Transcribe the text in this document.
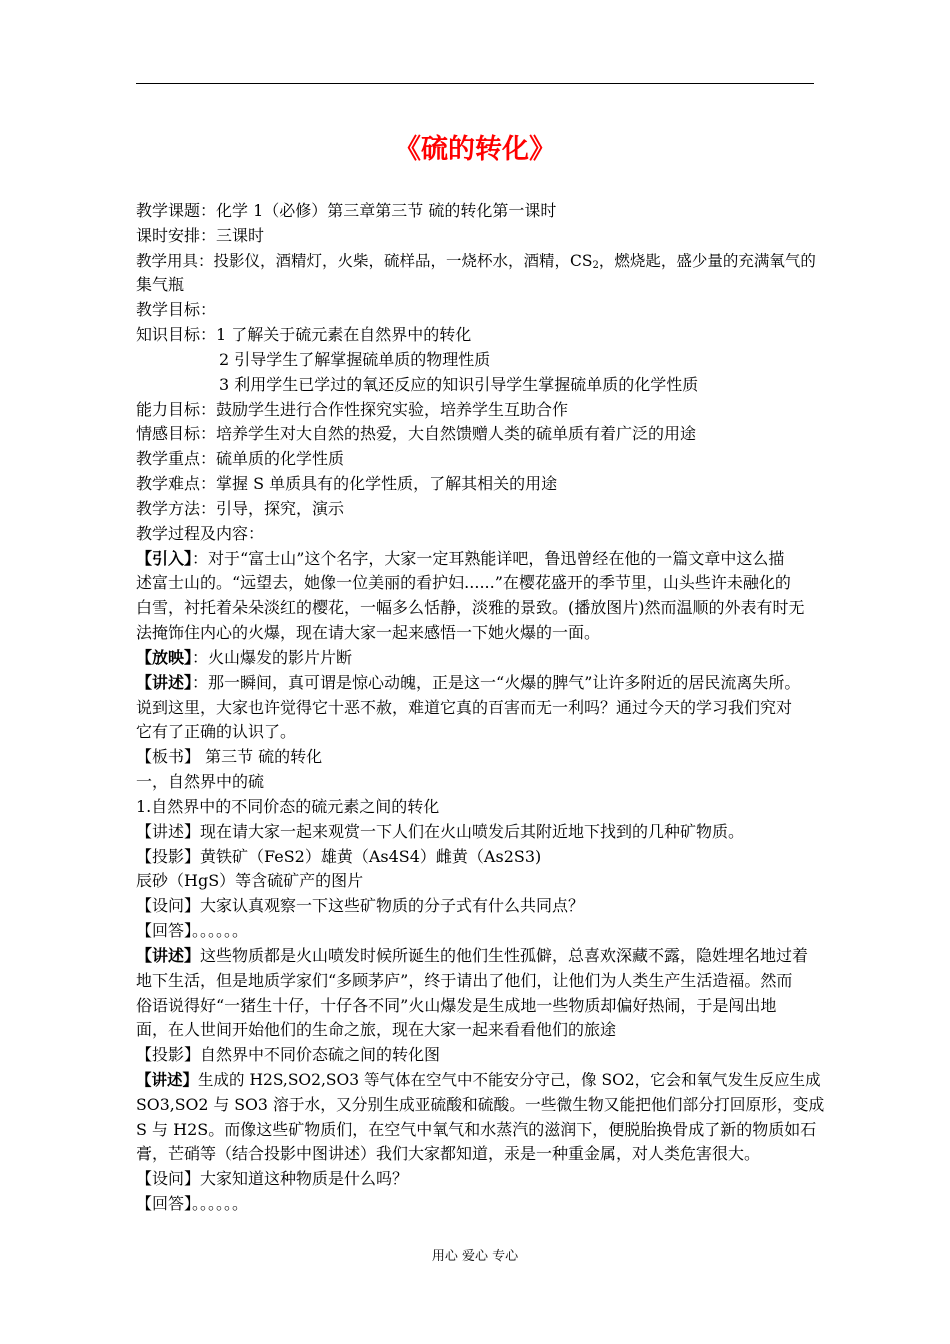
《硫的转化》
教学课题：化学 1（必修）第三章第三节 硫的转化第一课时
课时安排：三课时
教学用具：投影仪，酒精灯，火柴，硫样品，一烧杯水，酒精，$CS_2$，燃烧匙，盛少量的充满氧气的
集气瓶
教学目标：
知识目标：1 了解关于硫元素在自然界中的转化
2 引导学生了解掌握硫单质的物理性质
3 利用学生已学过的氧还反应的知识引导学生掌握硫单质的化学性质
能力目标：鼓励学生进行合作性探究实验，培养学生互助合作
情感目标：培养学生对大自然的热爱，大自然馈赠人类的硫单质有着广泛的用途
教学重点：硫单质的化学性质
教学难点：掌握 S 单质具有的化学性质，了解其相关的用途
教学方法：引导，探究，演示
教学过程及内容：
【引入】：对于“富士山”这个名字，大家一定耳熟能详吧，鲁迅曾经在他的一篇文章中这么描
述富士山的。“远望去，她像一位美丽的看护妇......”在樱花盛开的季节里，山头些许未融化的
白雪，衬托着朵朵淡红的樱花，一幅多么恬静，淡雅的景致。(播放图片)然而温顺的外表有时无
法掩饰住内心的火爆，现在请大家一起来感悟一下她火爆的一面。
【放映】：火山爆发的影片片断
【讲述】：那一瞬间，真可谓是惊心动魄，正是这一“火爆的脾气”让许多附近的居民流离失所。
说到这里，大家也许觉得它十恶不赦，难道它真的百害而无一利吗？通过今天的学习我们究对
它有了正确的认识了。
【板书】 第三节 硫的转化
一，自然界中的硫
1.自然界中的不同价态的硫元素之间的转化
【讲述】现在请大家一起来观赏一下人们在火山喷发后其附近地下找到的几种矿物质。
【投影】黄铁矿（FeS2）雄黄（As4S4）雌黄（As2S3)
辰砂（HgS）等含硫矿产的图片
【设问】大家认真观察一下这些矿物质的分子式有什么共同点？
【回答】。。。。。。
【讲述】这些物质都是火山喷发时候所诞生的他们生性孤僻，总喜欢深藏不露，隐姓埋名地过着
地下生活，但是地质学家们“多顾茅庐”，终于请出了他们，让他们为人类生产生活造福。然而
俗语说得好“一猪生十仔，十仔各不同”火山爆发是生成地一些物质却偏好热闹，于是闯出地
面，在人世间开始他们的生命之旅，现在大家一起来看看他们的旅途
【投影】自然界中不同价态硫之间的转化图
【讲述】生成的 H2S,SO2,SO3 等气体在空气中不能安分守己，像 SO2，它会和氧气发生反应生成
SO3,SO2 与 SO3 溶于水，又分别生成亚硫酸和硫酸。一些微生物又能把他们部分打回原形，变成
S 与 H2S。而像这些矿物质们，在空气中氧气和水蒸汽的滋润下，便脱胎换骨成了新的物质如石
膏，芒硝等（结合投影中图讲述）我们大家都知道，汞是一种重金属，对人类危害很大。
【设问】大家知道这种物质是什么吗？
【回答】。。。。。。
用心 爱心 专心
